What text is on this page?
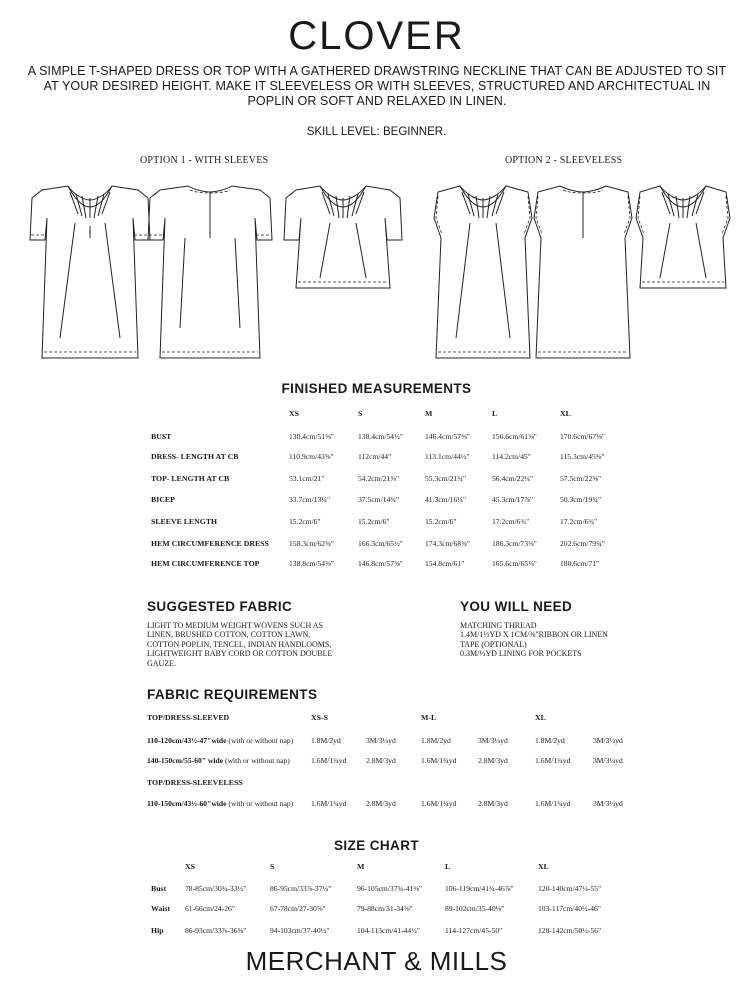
CLOVER
A SIMPLE T-SHAPED DRESS OR TOP WITH A GATHERED DRAWSTRING NECKLINE THAT CAN BE ADJUSTED TO SIT AT YOUR DESIRED HEIGHT. MAKE IT SLEEVELESS OR WITH SLEEVES, STRUCTURED AND ARCHITECTUAL IN POPLIN OR SOFT AND RELAXED IN LINEN.
SKILL LEVEL: BEGINNER.
OPTION 1 - WITH SLEEVES	OPTION 2 - SLEEVELESS
FINISHED MEASUREMENTS
XS	S	M	L	XL
BUST	130.4cm/51⅜"	138.4cm/54½"	146.4cm/57⅝"	156.6cm/61⅝"	170.6cm/67⅛"
DRESS- LENGTH AT CB	110.9cm/43⅝"	112cm/44"	113.1cm/44½"	114.2cm/45"	115.3cm/45⅜"
TOP- LENGTH AT CB	53.1cm/21"	54.2cm/21⅜"	55.3cm/21¾"	56.4cm/22¼"	57.5cm/22⅝"
BICEP	33.7cm/13¼"	37.5cm/14¾"	41.3cm/16¼"	45.3cm/17⅞"	50.3cm/19¾"
SLEEVE LENGTH	15.2cm/6"	15.2cm/6"	15.2cm/6"	17.2cm/6¾"	17.2cm/6¾"
HEM CIRCUMFERENCE DRESS	158.3cm/62⅜"	166.3cm/65½"	174.3cm/68⅝"	186.3cm/73⅜"	202.6cm/79¾"
HEM CIRCUMFERENCE TOP	138.8cm/54⅝"	146.8cm/57⅝"	154.8cm/61"	165.6cm/65⅛"	180.6cm/71"
SUGGESTED FABRIC
LIGHT TO MEDIUM WEIGHT WOVENS SUCH AS
LINEN, BRUSHED COTTON, COTTON LAWN,
COTTON POPLIN, TENCEL, INDIAN HANDLOOMS,
LIGHTWEIGHT BABY CORD OR COTTON DOUBLE
GAUZE.
YOU WILL NEED
MATCHING THREAD
1.4M/1½YD X 1CM/⅜"RIBBON OR LINEN
TAPE (OPTIONAL)
0.3M/⅓YD LINING FOR POCKETS
FABRIC REQUIREMENTS
TOP/DRESS-SLEEVED	XS-S	M-L	XL
110-120cm/43½-47"wide (with or without nap) 1.8M/2yd	3M/3¼yd	1.8M/2yd	3M/3¼yd	1.8M/2yd	3M/3¼yd
140-150cm/55-60" wide (with or without nap)	1.6M/1¾yd	2.8M/3yd	1.6M/1¾yd	2.8M/3yd	1.6M/1¾yd	3M/3¼yd
TOP/DRESS-SLEEVELESS
110-150cm/43½-60"wide (with or without nap) 1.6M/1¾yd	2.8M/3yd	1.6M/1¾yd	2.8M/3yd	1.6M/1¾yd	3M/3¼yd
SIZE CHART
XS	S	M	L	XL
Bust 78-85cm/30¾-33½"	86-95cm/33⅞-37½"	96-105cm/37¾-41⅜"	106-119cm/41¾-46⅞"	120-140cm/47¼-55"
Waist 61-66cm/24-26"	67-78cm/27-30⅝"	79-88cm/31-34⅝"	89-102cm/35-40⅛"	103-117cm/40½-46"
Hip	86-93cm/33⅞-36⅝"	94-103cm/37-40½"	104-113cm/41-44½"	114-127cm/45-50"	128-142cm/50½-56"
MERCHANT & MILLS
